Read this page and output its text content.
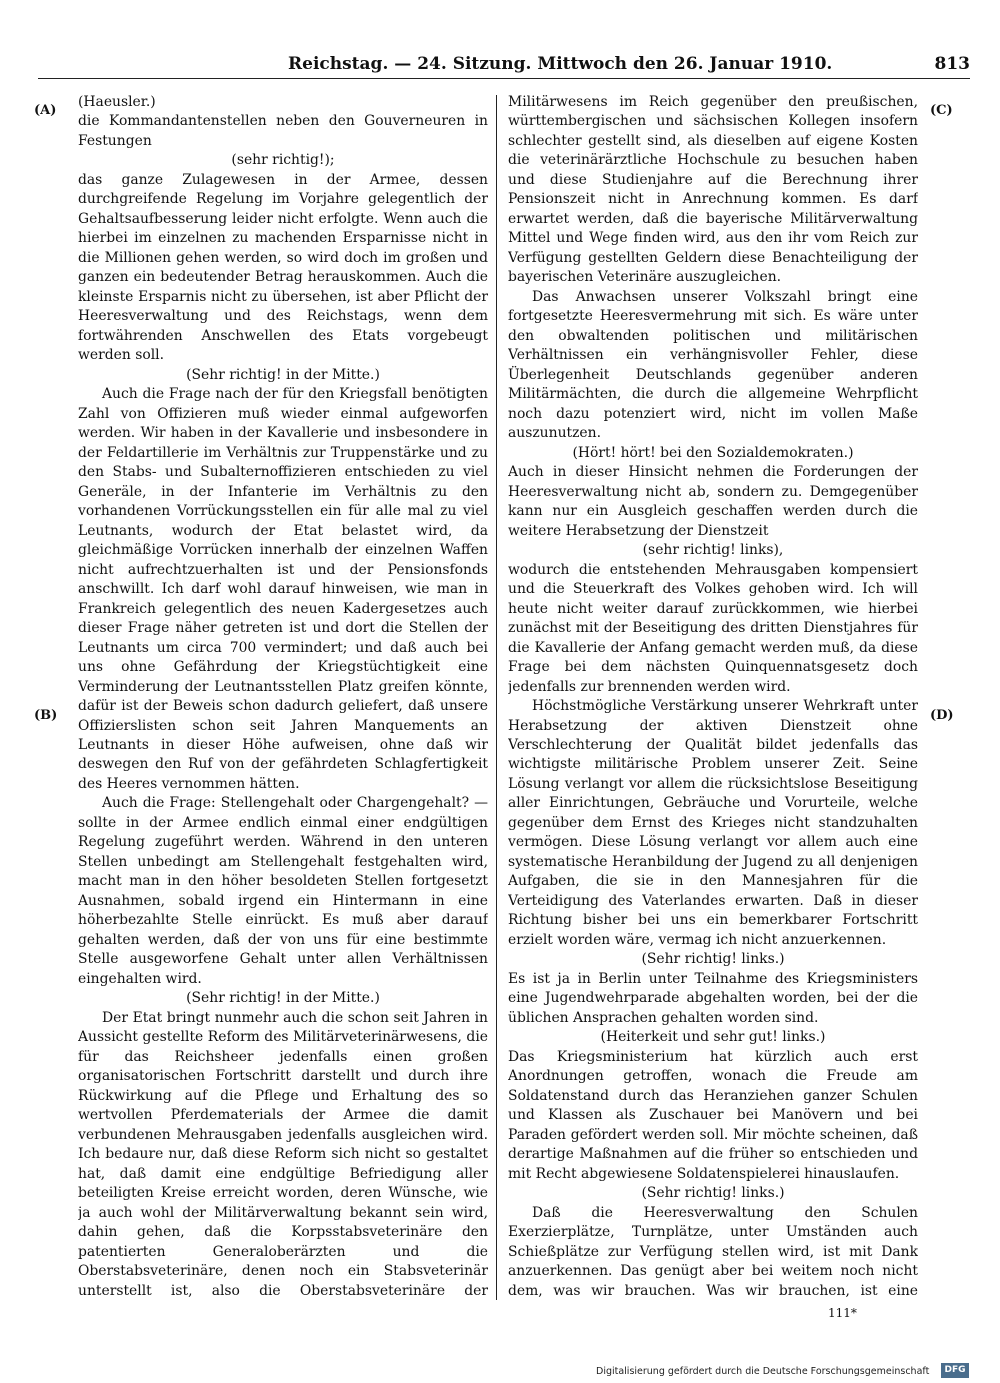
Reichstag. — 24. Sitzung. Mittwoch den 26. Januar 1910.	813
(A)
(B)
(C)
(D)

(Haeusler.)

die Kommandantenstellen neben den Gouverneuren in Festungen

(sehr richtig!);

das ganze Zulagewesen in der Armee, dessen durchgreifende Regelung im Vorjahre gelegentlich der Gehaltsaufbesserung leider nicht erfolgte. Wenn auch die hierbei im einzelnen zu machenden Ersparnisse nicht in die Millionen gehen werden, so wird doch im großen und ganzen ein bedeutender Betrag herauskommen. Auch die kleinste Ersparnis nicht zu übersehen, ist aber Pflicht der Heeresverwaltung und des Reichstags, wenn dem fortwährenden Anschwellen des Etats vorgebeugt werden soll.

(Sehr richtig! in der Mitte.)

Auch die Frage nach der für den Kriegsfall benötigten Zahl von Offizieren muß wieder einmal aufgeworfen werden. Wir haben in der Kavallerie und insbesondere in der Feldartillerie im Verhältnis zur Truppenstärke und zu den Stabs- und Subalternoffizieren entschieden zu viel Generäle, in der Infanterie im Verhältnis zu den vorhandenen Vorrückungsstellen ein für alle mal zu viel Leutnants, wodurch der Etat belastet wird, da gleichmäßige Vorrücken innerhalb der einzelnen Waffen nicht aufrechtzuerhalten ist und der Pensionsfonds anschwillt. Ich darf wohl darauf hinweisen, wie man in Frankreich gelegentlich des neuen Kadergesetzes auch dieser Frage näher getreten ist und dort die Stellen der Leutnants um circa 700 vermindert; und daß auch bei uns ohne Gefährdung der Kriegstüchtigkeit eine Verminderung der Leutnantsstellen Platz greifen könnte, dafür ist der Beweis schon dadurch geliefert, daß unsere Offizierslisten schon seit Jahren Manquements an Leutnants in dieser Höhe aufweisen, ohne daß wir deswegen den Ruf von der gefährdeten Schlagfertigkeit des Heeres vernommen hätten.

Auch die Frage: Stellengehalt oder Chargengehalt? — sollte in der Armee endlich einmal einer endgültigen Regelung zugeführt werden. Während in den unteren Stellen unbedingt am Stellengehalt festgehalten wird, macht man in den höher besoldeten Stellen fortgesetzt Ausnahmen, sobald irgend ein Hintermann in eine höherbezahlte Stelle einrückt. Es muß aber darauf gehalten werden, daß der von uns für eine bestimmte Stelle ausgeworfene Gehalt unter allen Verhältnissen eingehalten wird.

(Sehr richtig! in der Mitte.)

Der Etat bringt nunmehr auch die schon seit Jahren in Aussicht gestellte Reform des Militärveterinärwesens, die für das Reichsheer jedenfalls einen großen organisatorischen Fortschritt darstellt und durch ihre Rückwirkung auf die Pflege und Erhaltung des so wertvollen Pferdematerials der Armee die damit verbundenen Mehrausgaben jedenfalls ausgleichen wird. Ich bedaure nur, daß diese Reform sich nicht so gestaltet hat, daß damit eine endgültige Befriedigung aller beteiligten Kreise erreicht worden, deren Wünsche, wie ja auch wohl der Militärverwaltung bekannt sein wird, dahin gehen, daß die Korpsstabsveterinäre den patentierten Generaloberärzten und die Oberstabsveterinäre, denen noch ein Stabsveterinär unterstellt ist, also die Oberstabsveterinäre der

Militärwesens im Reich gegenüber den preußischen, württembergischen und sächsischen Kollegen insofern schlechter gestellt sind, als dieselben auf eigene Kosten die veterinärärztliche Hochschule zu besuchen haben und diese Studienjahre auf die Berechnung ihrer Pensionszeit nicht in Anrechnung kommen. Es darf erwartet werden, daß die bayerische Militärverwaltung Mittel und Wege finden wird, aus den ihr vom Reich zur Verfügung gestellten Geldern diese Benachteiligung der bayerischen Veterinäre auszugleichen.

Das Anwachsen unserer Volkszahl bringt eine fortgesetzte Heeresvermehrung mit sich. Es wäre unter den obwaltenden politischen und militärischen Verhältnissen ein verhängnisvoller Fehler, diese Überlegenheit Deutschlands gegenüber anderen Militärmächten, die durch die allgemeine Wehrpflicht noch dazu potenziert wird, nicht im vollen Maße auszunutzen.

(Hört! hört! bei den Sozialdemokraten.)

Auch in dieser Hinsicht nehmen die Forderungen der Heeresverwaltung nicht ab, sondern zu. Demgegenüber kann nur ein Ausgleich geschaffen werden durch die weitere Herabsetzung der Dienstzeit

(sehr richtig! links),

wodurch die entstehenden Mehrausgaben kompensiert und die Steuerkraft des Volkes gehoben wird. Ich will heute nicht weiter darauf zurückkommen, wie hierbei zunächst mit der Beseitigung des dritten Dienstjahres für die Kavallerie der Anfang gemacht werden muß, da diese Frage bei dem nächsten Quinquennatsgesetz doch jedenfalls zur brennenden werden wird.

Höchstmögliche Verstärkung unserer Wehrkraft unter Herabsetzung der aktiven Dienstzeit ohne Verschlechterung der Qualität bildet jedenfalls das wichtigste militärische Problem unserer Zeit. Seine Lösung verlangt vor allem die rücksichtslose Beseitigung aller Einrichtungen, Gebräuche und Vorurteile, welche gegenüber dem Ernst des Krieges nicht standzuhalten vermögen. Diese Lösung verlangt vor allem auch eine systematische Heranbildung der Jugend zu all denjenigen Aufgaben, die sie in den Mannesjahren für die Verteidigung des Vaterlandes erwarten. Daß in dieser Richtung bisher bei uns ein bemerkbarer Fortschritt erzielt worden wäre, vermag ich nicht anzuerkennen.

(Sehr richtig! links.)

Es ist ja in Berlin unter Teilnahme des Kriegsministers eine Jugendwehrparade abgehalten worden, bei der die üblichen Ansprachen gehalten worden sind.

(Heiterkeit und sehr gut! links.)

Das Kriegsministerium hat kürzlich auch erst Anordnungen getroffen, wonach die Freude am Soldatenstand durch das Heranziehen ganzer Schulen und Klassen als Zuschauer bei Manövern und bei Paraden gefördert werden soll. Mir möchte scheinen, daß derartige Maßnahmen auf die früher so entschieden und mit Recht abgewiesene Soldatenspielerei hinauslaufen.

(Sehr richtig! links.)

Daß die Heeresverwaltung den Schulen Exerzierplätze, Turnplätze, unter Umständen auch Schießplätze zur Verfügung stellen wird, ist mit Dank anzuerkennen. Das genügt aber bei weitem noch nicht dem, was wir brauchen. Was wir brauchen, ist eine

111*
Digitalisierung gefördert durch die Deutsche Forschungsgemeinschaft	DFG
